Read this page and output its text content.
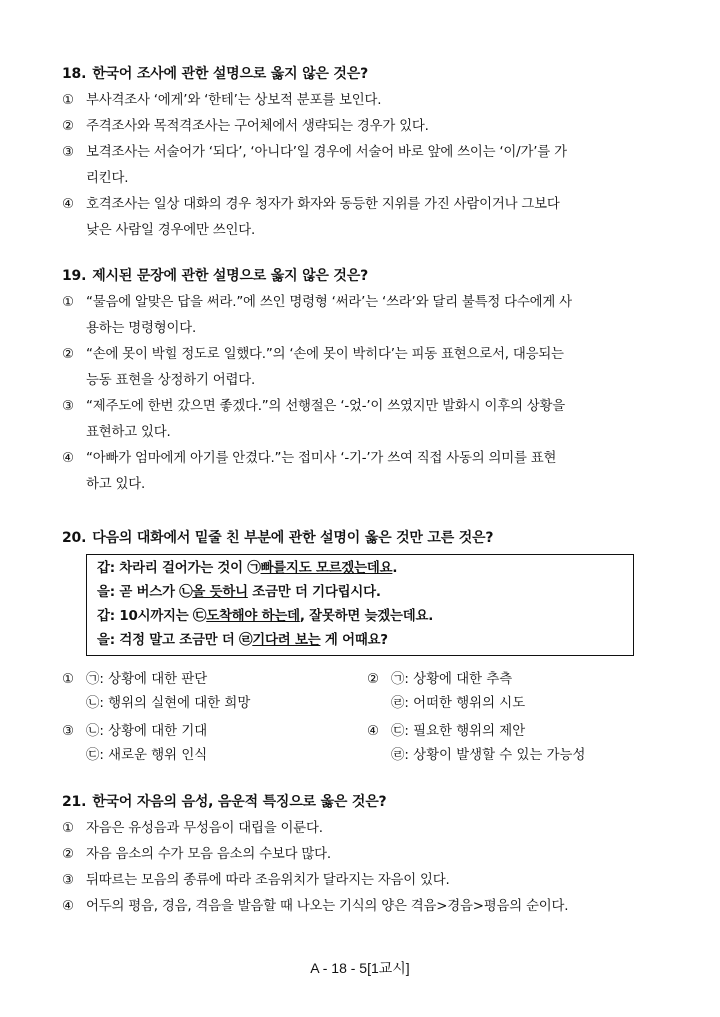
18. 한국어 조사에 관한 설명으로 옳지 않은 것은?
① 부사격조사 ‘에게’와 ‘한테’는 상보적 분포를 보인다.
② 주격조사와 목적격조사는 구어체에서 생략되는 경우가 있다.
③ 보격조사는 서술어가 ‘되다’, ‘아니다’일 경우에 서술어 바로 앞에 쓰이는 ‘이/가’를 가
리킨다.
④ 호격조사는 일상 대화의 경우 청자가 화자와 동등한 지위를 가진 사람이거나 그보다
낮은 사람일 경우에만 쓰인다.
19. 제시된 문장에 관한 설명으로 옳지 않은 것은?
① “물음에 알맞은 답을 써라.”에 쓰인 명령형 ‘써라’는 ‘쓰라’와 달리 불특정 다수에게 사
용하는 명령형이다.
② “손에 못이 박힐 정도로 일했다.”의 ‘손에 못이 박히다’는 피동 표현으로서, 대응되는
능동 표현을 상정하기 어렵다.
③ “제주도에 한번 갔으면 좋겠다.”의 선행절은 ‘-었-’이 쓰였지만 발화시 이후의 상황을
표현하고 있다.
④ “아빠가 엄마에게 아기를 안겼다.”는 접미사 ‘-기-’가 쓰여 직접 사동의 의미를 표현
하고 있다.
20. 다음의 대화에서 밑줄 친 부분에 관한 설명이 옳은 것만 고른 것은?
갑: 차라리 걸어가는 것이 ㉠빠를지도 모르겠는데요.
을: 곧 버스가 ㉡올 듯하니 조금만 더 기다립시다.
갑: 10시까지는 ㉢도착해야 하는데, 잘못하면 늦겠는데요.
을: 걱정 말고 조금만 더 ㉣기다려 보는 게 어때요?
① ㉠: 상황에 대한 판단
㉡: 행위의 실현에 대한 희망
② ㉠: 상황에 대한 추측
㉣: 어떠한 행위의 시도
③ ㉡: 상황에 대한 기대
㉢: 새로운 행위 인식
④ ㉢: 필요한 행위의 제안
㉣: 상황이 발생할 수 있는 가능성
21. 한국어 자음의 음성, 음운적 특징으로 옳은 것은?
① 자음은 유성음과 무성음이 대립을 이룬다.
② 자음 음소의 수가 모음 음소의 수보다 많다.
③ 뒤따르는 모음의 종류에 따라 조음위치가 달라지는 자음이 있다.
④ 어두의 평음, 경음, 격음을 발음할 때 나오는 기식의 양은 격음>경음>평음의 순이다.
A - 18 - 5[1교시]
